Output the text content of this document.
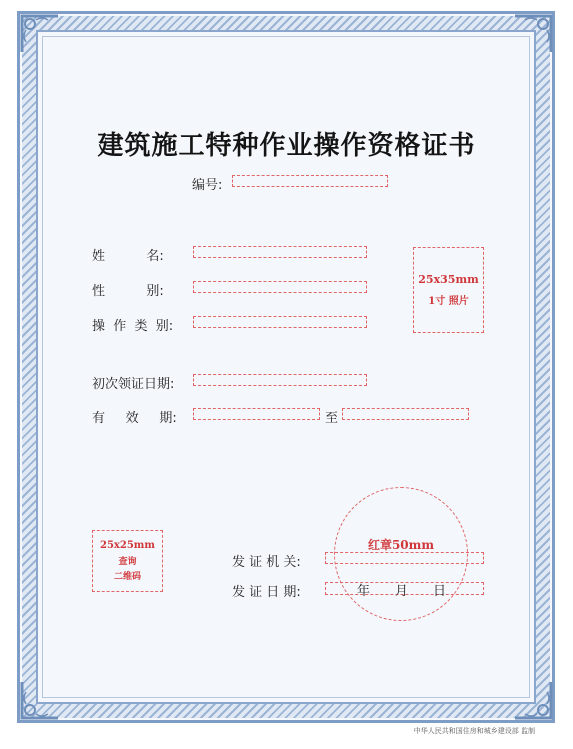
建筑施工特种作业操作资格证书
编号:
姓          名:
性          别:
操  作  类  别:
25x35mm
1寸 照片
初次领证日期:
有     效     期:	至
25x25mm
查询
二维码
红章50mm
发 证 机 关:
发 证 日 期:	年 月 日
中华人民共和国住房和城乡建设部 监制
